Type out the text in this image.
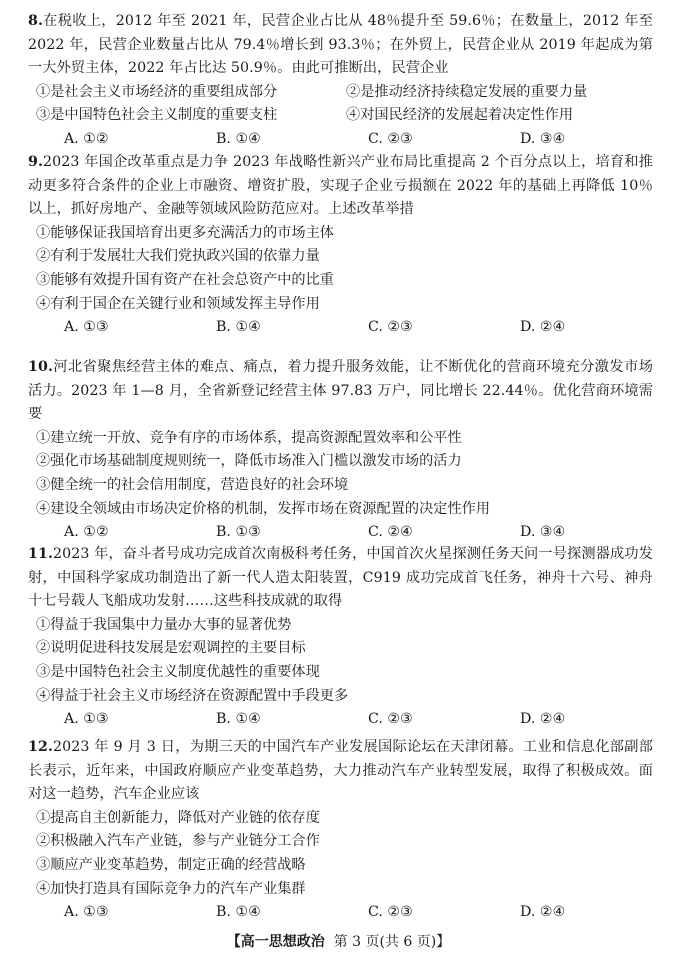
8.在税收上，2012 年至 2021 年，民营企业占比从 48％提升至 59.6％；在数量上，2012 年至 2022 年，民营企业数量占比从 79.4％增长到 93.3％；在外贸上，民营企业从 2019 年起成为第一大外贸主体，2022 年占比达 50.9％。由此可推断出，民营企业
①是社会主义市场经济的重要组成部分	②是推动经济持续稳定发展的重要力量
③是中国特色社会主义制度的重要支柱	④对国民经济的发展起着决定性作用
A. ①②	B. ①④	C. ②③	D. ③④
9.2023 年国企改革重点是力争 2023 年战略性新兴产业布局比重提高 2 个百分点以上，培育和推动更多符合条件的企业上市融资、增资扩股，实现子企业亏损额在 2022 年的基础上再降低 10％以上，抓好房地产、金融等领域风险防范应对。上述改革举措
①能够保证我国培育出更多充满活力的市场主体
②有利于发展壮大我们党执政兴国的依靠力量
③能够有效提升国有资产在社会总资产中的比重
④有利于国企在关键行业和领域发挥主导作用
A. ①③	B. ①④	C. ②③	D. ②④
10.河北省聚焦经营主体的难点、痛点，着力提升服务效能，让不断优化的营商环境充分激发市场活力。2023 年 1—8 月，全省新登记经营主体 97.83 万户，同比增长 22.44％。优化营商环境需要
①建立统一开放、竞争有序的市场体系，提高资源配置效率和公平性
②强化市场基础制度规则统一，降低市场准入门槛以激发市场的活力
③健全统一的社会信用制度，营造良好的社会环境
④建设全领域由市场决定价格的机制，发挥市场在资源配置的决定性作用
A. ①②	B. ①③	C. ②④	D. ③④
11.2023 年，奋斗者号成功完成首次南极科考任务，中国首次火星探测任务天问一号探测器成功发射，中国科学家成功制造出了新一代人造太阳装置，C919 成功完成首飞任务，神舟十六号、神舟十七号载人飞船成功发射……这些科技成就的取得
①得益于我国集中力量办大事的显著优势
②说明促进科技发展是宏观调控的主要目标
③是中国特色社会主义制度优越性的重要体现
④得益于社会主义市场经济在资源配置中手段更多
A. ①③	B. ①④	C. ②③	D. ②④
12.2023 年 9 月 3 日，为期三天的中国汽车产业发展国际论坛在天津闭幕。工业和信息化部副部长表示，近年来，中国政府顺应产业变革趋势，大力推动汽车产业转型发展，取得了积极成效。面对这一趋势，汽车企业应该
①提高自主创新能力，降低对产业链的依存度
②积极融入汽车产业链，参与产业链分工合作
③顺应产业变革趋势，制定正确的经营战略
④加快打造具有国际竞争力的汽车产业集群
A. ①③	B. ①④	C. ②③	D. ②④
【高一思想政治 第 3 页(共 6 页)】
